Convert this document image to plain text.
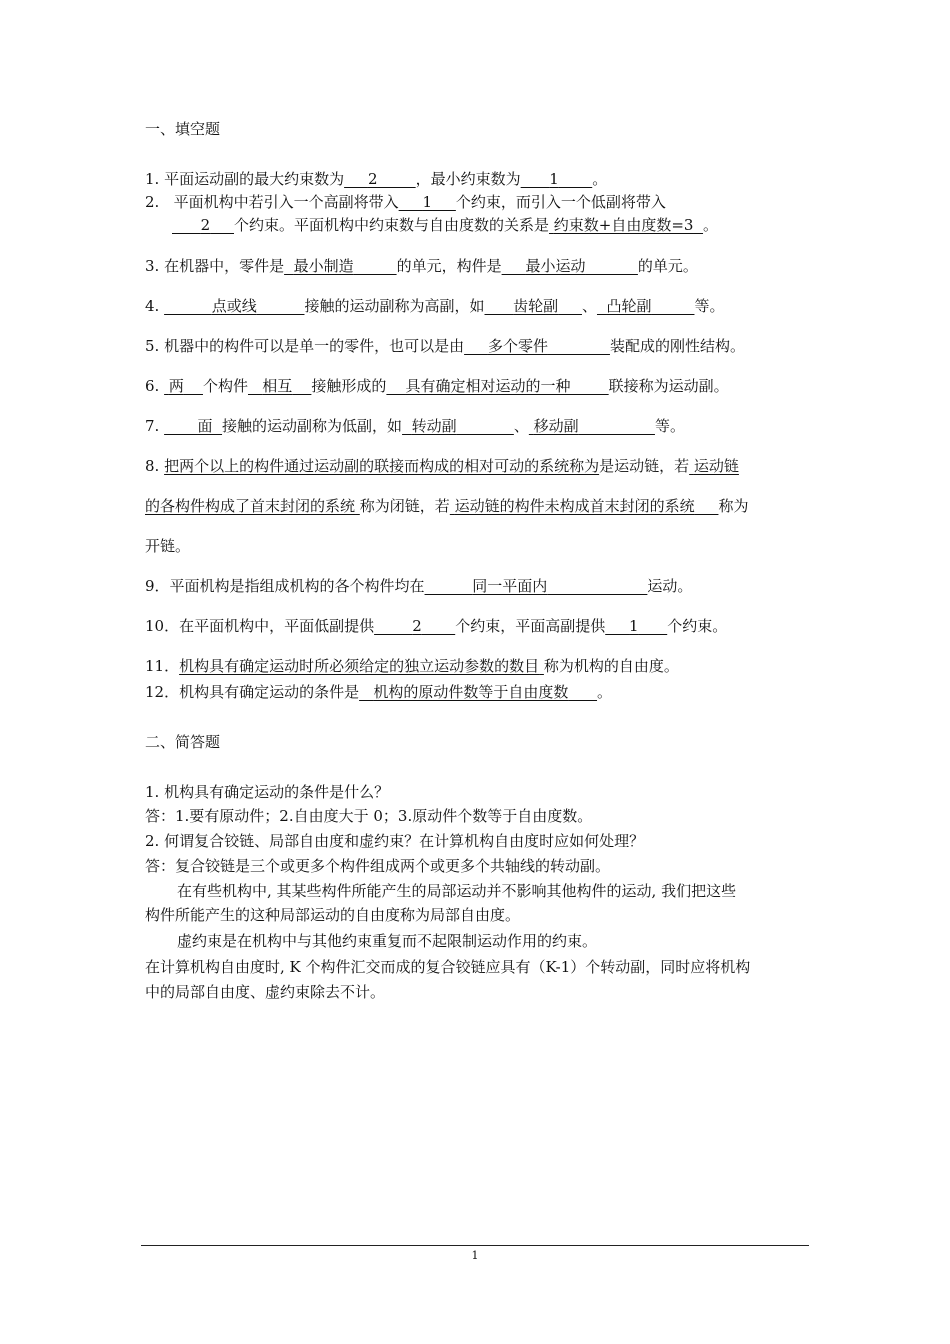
一、填空题
1. 平面运动副的最大约束数为 2	，最小约束数为 1 。
2.   平面机构中若引入一个高副将带入 1 个约束，而引入一个低副将带入
2 个约束。平面机构中约束数与自由度数的关系是 约束数+自由度数=3 。
3. 在机器中，零件是 最小制造	的单元，构件是 最小运动	的单元。
4.	点或线	接触的运动副称为高副，如 齿轮副 、 凸轮副	等。
5. 机器中的构件可以是单一的零件，也可以是由 多个零件	装配成的刚性结构。
6.  两 个构件 相互 接触形成的 具有确定相对运动的一种	联接称为运动副。
7.        面 接触的运动副称为低副，如 转动副	、 移动副	等。
8. 把两个以上的构件通过运动副的联接而构成的相对可动的系统称为是运动链，若 运动链
的各构件构成了首末封闭的系统 称为闭链，若 运动链的构件未构成首末封闭的系统 称为
开链。
9．平面机构是指组成机构的各个构件均在	同一平面内	运动。
10．在平面机构中，平面低副提供	2 个约束，平面高副提供 1 个约束。
11．机构具有确定运动时所必须给定的独立运动参数的数目 称为机构的自由度。
12．机构具有确定运动的条件是 机构的原动件数等于自由度数 。
二、简答题
1. 机构具有确定运动的条件是什么？
答：1.要有原动件；2.自由度大于 0；3.原动件个数等于自由度数。
2. 何谓复合铰链、局部自由度和虚约束？在计算机构自由度时应如何处理？
答：复合铰链是三个或更多个构件组成两个或更多个共轴线的转动副。
在有些机构中, 其某些构件所能产生的局部运动并不影响其他构件的运动, 我们把这些
构件所能产生的这种局部运动的自由度称为局部自由度。
虚约束是在机构中与其他约束重复而不起限制运动作用的约束。
在计算机构自由度时, K 个构件汇交而成的复合铰链应具有（K-1）个转动副，同时应将机构
中的局部自由度、虚约束除去不计。
1
